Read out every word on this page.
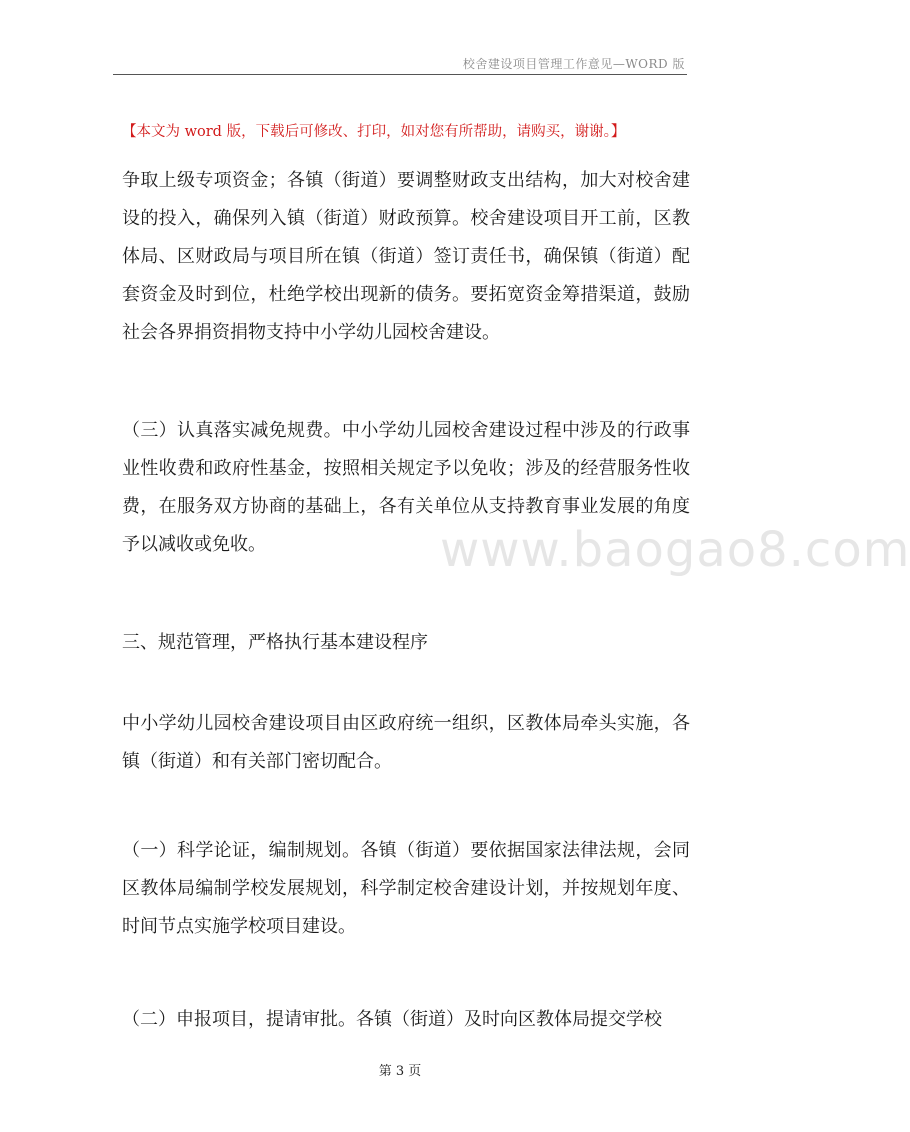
校舍建设项目管理工作意见—WORD 版
www.baogao8.com
【本文为 word 版，下载后可修改、打印，如对您有所帮助，请购买，谢谢。】

争取上级专项资金；各镇（街道）要调整财政支出结构，加大对校舍建设的投入，确保列入镇（街道）财政预算。校舍建设项目开工前，区教体局、区财政局与项目所在镇（街道）签订责任书，确保镇（街道）配套资金及时到位，杜绝学校出现新的债务。要拓宽资金筹措渠道，鼓励社会各界捐资捐物支持中小学幼儿园校舍建设。

（三）认真落实减免规费。中小学幼儿园校舍建设过程中涉及的行政事业性收费和政府性基金，按照相关规定予以免收；涉及的经营服务性收费，在服务双方协商的基础上，各有关单位从支持教育事业发展的角度予以减收或免收。

三、规范管理，严格执行基本建设程序

中小学幼儿园校舍建设项目由区政府统一组织，区教体局牵头实施，各镇（街道）和有关部门密切配合。

（一）科学论证，编制规划。各镇（街道）要依据国家法律法规，会同区教体局编制学校发展规划，科学制定校舍建设计划，并按规划年度、时间节点实施学校项目建设。

（二）申报项目，提请审批。各镇（街道）及时向区教体局提交学校

第 3 页
